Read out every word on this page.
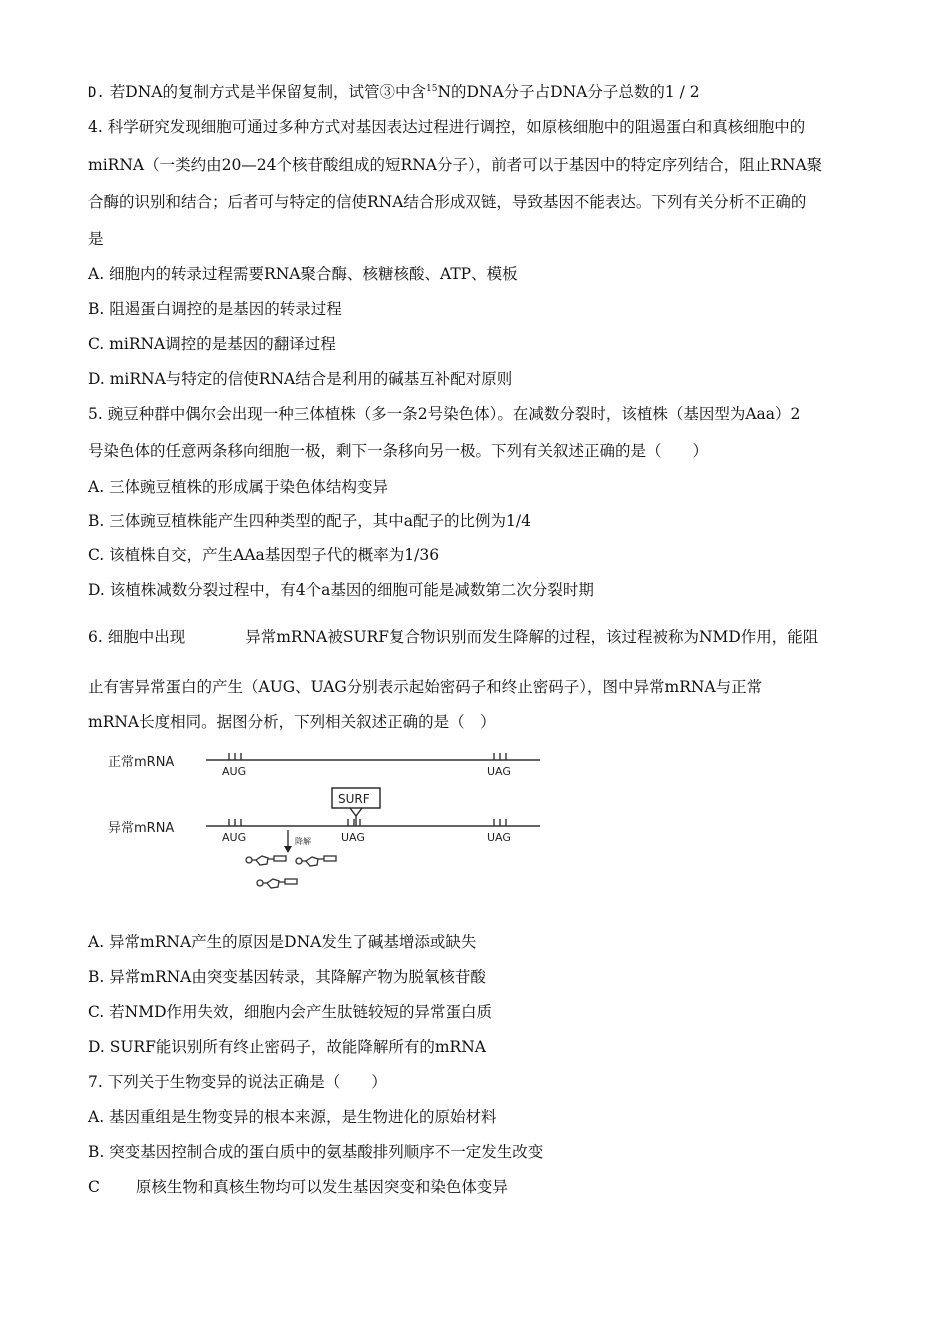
D. 若DNA的复制方式是半保留复制，试管③中含$^{15}$N的DNA分子占DNA分子总数的1 / 2
4. 科学研究发现细胞可通过多种方式对基因表达过程进行调控，如原核细胞中的阻遏蛋白和真核细胞中的
miRNA（一类约由20—24个核苷酸组成的短RNA分子），前者可以于基因中的特定序列结合，阻止RNA聚
合酶的识别和结合；后者可与特定的信使RNA结合形成双链，导致基因不能表达。下列有关分析不正确的
是
A. 细胞内的转录过程需要RNA聚合酶、核糖核酸、ATP、模板
B. 阻遏蛋白调控的是基因的转录过程
C. miRNA调控的是基因的翻译过程
D. miRNA与特定的信使RNA结合是利用的碱基互补配对原则
5. 豌豆种群中偶尔会出现一种三体植株（多一条2号染色体）。在减数分裂时，该植株（基因型为Aaa）2
号染色体的任意两条移向细胞一极，剩下一条移向另一极。下列有关叙述正确的是（　　）
A. 三体豌豆植株的形成属于染色体结构变异
B. 三体豌豆植株能产生四种类型的配子，其中a配子的比例为1/4
C. 该植株自交，产生AAa基因型子代的概率为1/36
D. 该植株减数分裂过程中，有4个a基因的细胞可能是减数第二次分裂时期
6. 细胞中出现	异常mRNA被SURF复合物识别而发生降解的过程，该过程被称为NMD作用，能阻
止有害异常蛋白的产生（AUG、UAG分别表示起始密码子和终止密码子），图中异常mRNA与正常
mRNA长度相同。据图分析，下列相关叙述正确的是（　）
正常mRNA
AUG	UAG
SURF
异常mRNA
AUG	UAG	UAG
降解
A. 异常mRNA产生的原因是DNA发生了碱基增添或缺失
B. 异常mRNA由突变基因转录，其降解产物为脱氧核苷酸
C. 若NMD作用失效，细胞内会产生肽链较短的异常蛋白质
D. SURF能识别所有终止密码子，故能降解所有的mRNA
7. 下列关于生物变异的说法正确是（　　）
A. 基因重组是生物变异的根本来源，是生物进化的原始材料
B. 突变基因控制合成的蛋白质中的氨基酸排列顺序不一定发生改变
C 原核生物和真核生物均可以发生基因突变和染色体变异
